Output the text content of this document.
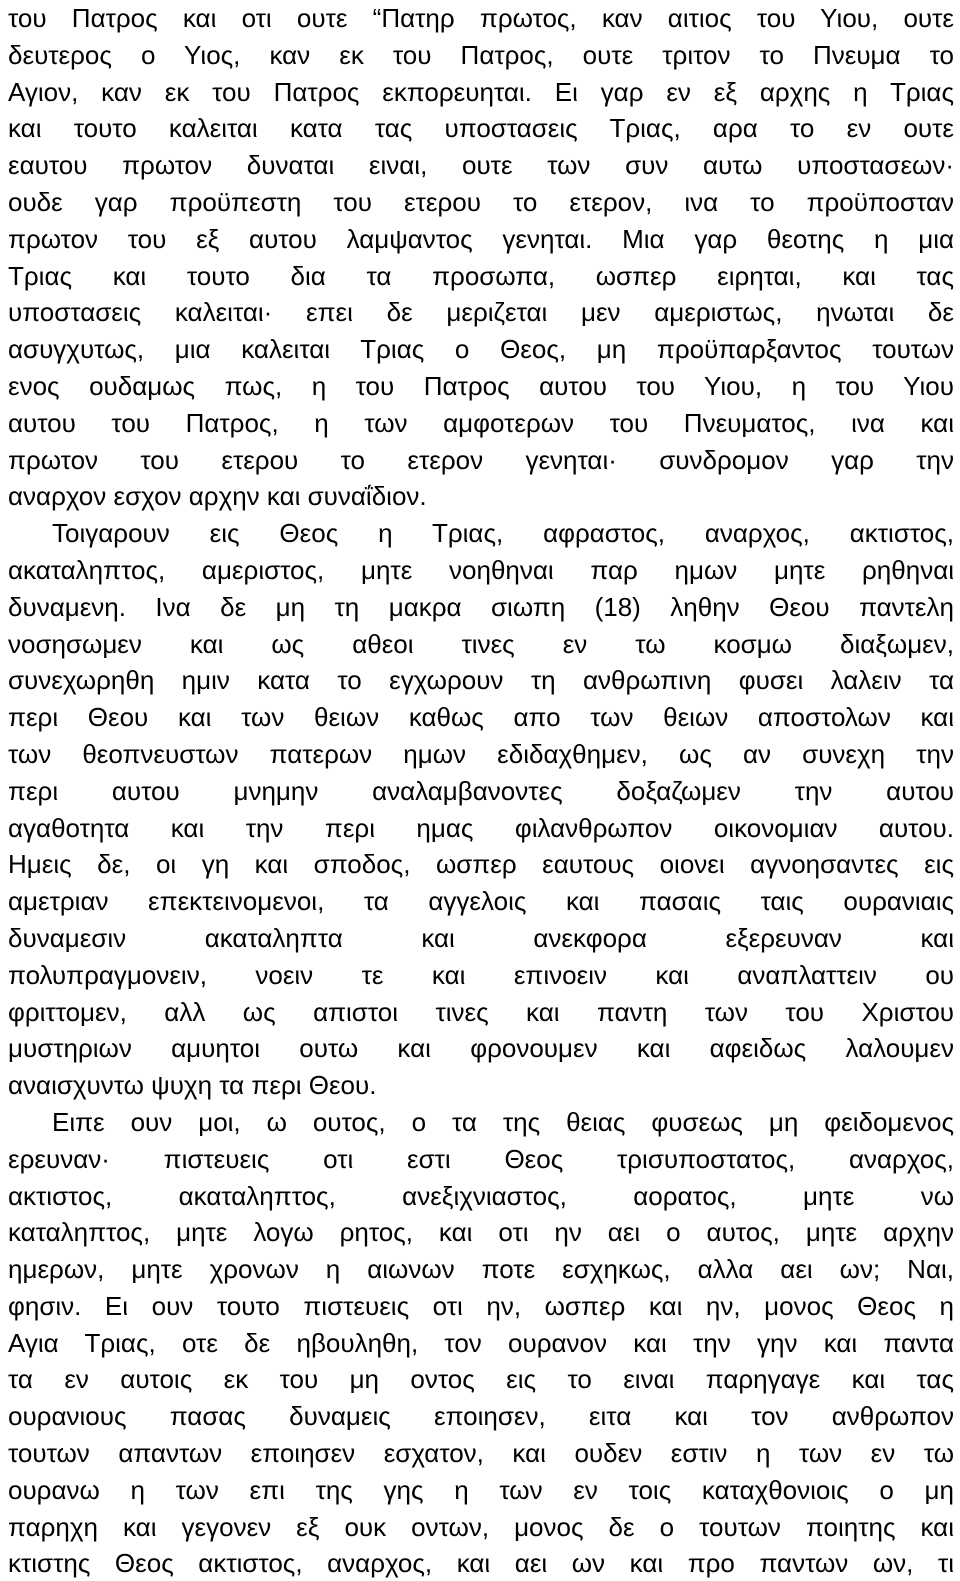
του Πατρος και οτι ουτε “Πατηρ πρωτος, καν αιτιος του Υιου, ουτε
δευτερος ο Υιος, καν εκ του Πατρος, ουτε τριτον το Πνευμα το
Αγιον, καν εκ του Πατρος εκπορευηται. Ει γαρ εν εξ αρχης η Τριας
και τουτο καλειται κατα τας υποστασεις Τριας, αρα το εν ουτε
εαυτου πρωτον δυναται ειναι, ουτε των συν αυτω υποστασεων·
ουδε γαρ προϋπεστη του ετερου το ετερον, ινα το προϋποσταν
πρωτον του εξ αυτου λαμψαντος γενηται. Μια γαρ θεοτης η μια
Τριας και τουτο δια τα προσωπα, ωσπερ ειρηται, και τας
υποστασεις καλειται· επει δε μεριζεται μεν αμεριστως, ηνωται δε
ασυγχυτως, μια καλειται Τριας ο Θεος, μη προϋπαρξαντος τουτων
ενος ουδαμως πως, η του Πατρος αυτου του Υιου, η του Υιου
αυτου του Πατρος, η των αμφοτερων του Πνευματος, ινα και
πρωτον του ετερου το ετερον γενηται· συνδρομον γαρ την
αναρχον εσχον αρχην και συναΐδιον.
Τοιγαρουν εις Θεος η Τριας, αφραστος, αναρχος, ακτιστος,
ακαταληπτος, αμεριστος, μητε νοηθηναι παρ ημων μητε ρηθηναι
δυναμενη. Ινα δε μη τη μακρα σιωπη (18) ληθην Θεου παντελη
νοσησωμεν και ως αθεοι τινες εν τω κοσμω διαξωμεν,
συνεχωρηθη ημιν κατα το εγχωρουν τη ανθρωπινη φυσει λαλειν τα
περι Θεου και των θειων καθως απο των θειων αποστολων και
των θεοπνευστων πατερων ημων εδιδαχθημεν, ως αν συνεχη την
περι αυτου μνημην αναλαμβανοντες δοξαζωμεν την αυτου
αγαθοτητα και την περι ημας φιλανθρωπον οικονομιαν αυτου.
Ημεις δε, οι γη και σποδος, ωσπερ εαυτους οιονει αγνοησαντες εις
αμετριαν επεκτεινομενοι, τα αγγελοις και πασαις ταις ουρανιαις
δυναμεσιν ακαταληπτα και ανεκφορα εξερευναν και
πολυπραγμονειν, νοειν τε και επινοειν και αναπλαττειν ου
φριττομεν, αλλ ως απιστοι τινες και παντη των του Χριστου
μυστηριων αμυητοι ουτω και φρονουμεν και αφειδως λαλουμεν
αναισχυντω ψυχη τα περι Θεου.
Ειπε ουν μοι, ω ουτος, ο τα της θειας φυσεως μη φειδομενος
ερευναν· πιστευεις οτι εστι Θεος τρισυποστατος, αναρχος,
ακτιστος, ακαταληπτος, ανεξιχνιαστος, αορατος, μητε νω
καταληπτος, μητε λογω ρητος, και οτι ην αει ο αυτος, μητε αρχην
ημερων, μητε χρονων η αιωνων ποτε εσχηκως, αλλα αει ων; Ναι,
φησιν. Ει ουν τουτο πιστευεις οτι ην, ωσπερ και ην, μονος Θεος η
Αγια Τριας, οτε δε ηβουληθη, τον ουρανον και την γην και παντα
τα εν αυτοις εκ του μη οντος εις το ειναι παρηγαγε και τας
ουρανιους πασας δυναμεις εποιησεν, ειτα και τον ανθρωπον
τουτων απαντων εποιησεν εσχατον, και ουδεν εστιν η των εν τω
ουρανω η των επι της γης η των εν τοις καταχθονιοις ο μη
παρηχη και γεγονεν εξ ουκ οντων, μονος δε ο τουτων ποιητης και
κτιστης Θεος ακτιστος, αναρχος, και αει ων και προ παντων ων, τι
